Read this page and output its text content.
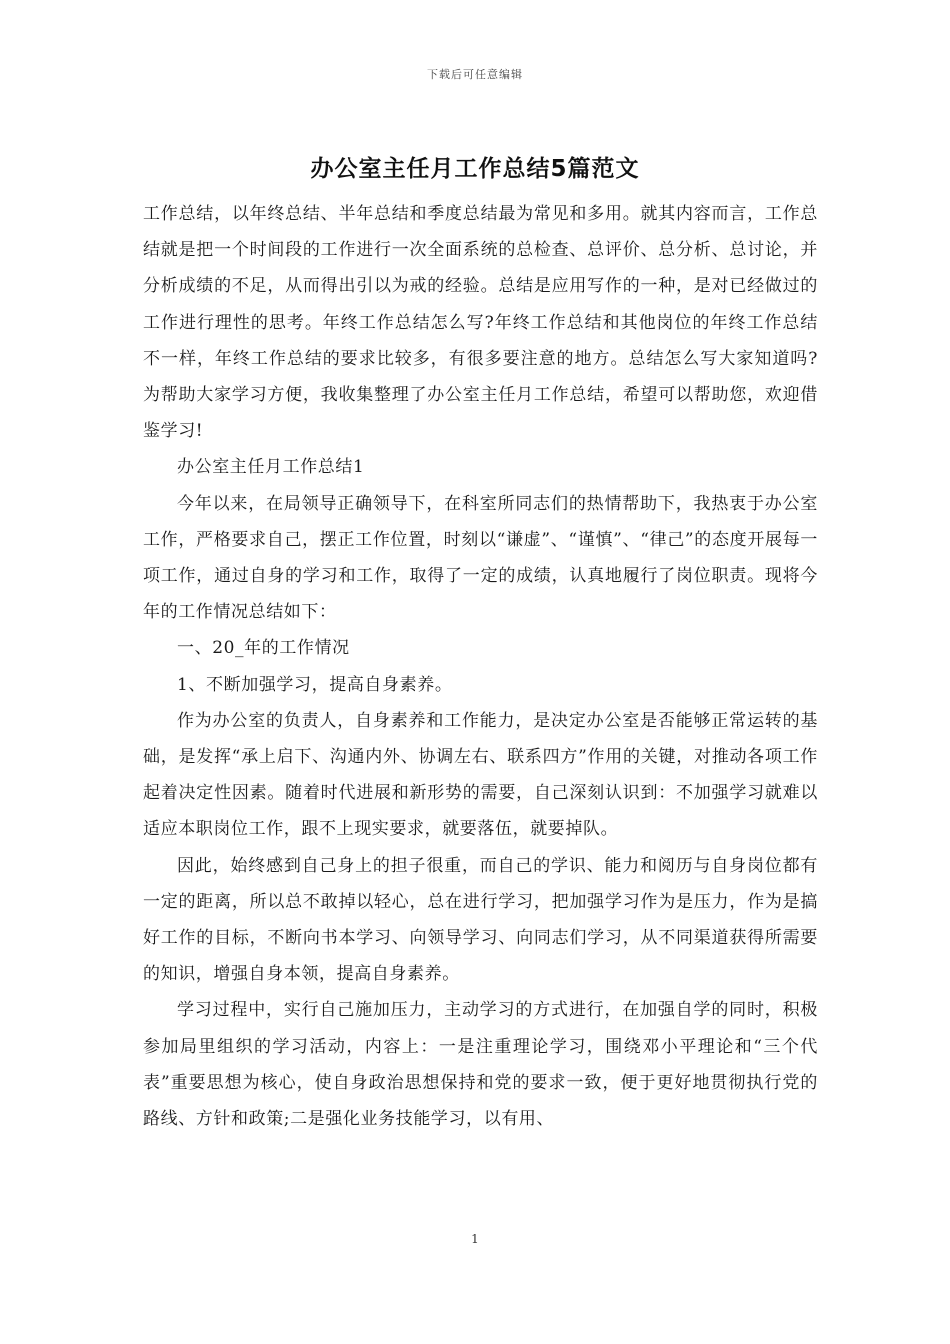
下载后可任意编辑
办公室主任月工作总结5篇范文

工作总结，以年终总结、半年总结和季度总结最为常见和多用。就其内容而言，工作总结就是把一个时间段的工作进行一次全面系统的总检查、总评价、总分析、总讨论，并分析成绩的不足，从而得出引以为戒的经验。总结是应用写作的一种，是对已经做过的工作进行理性的思考。年终工作总结怎么写?年终工作总结和其他岗位的年终工作总结不一样，年终工作总结的要求比较多，有很多要注意的地方。总结怎么写大家知道吗?为帮助大家学习方便，我收集整理了办公室主任月工作总结，希望可以帮助您，欢迎借鉴学习!

办公室主任月工作总结1

今年以来，在局领导正确领导下，在科室所同志们的热情帮助下，我热衷于办公室工作，严格要求自己，摆正工作位置，时刻以“谦虚”、“谨慎”、“律己”的态度开展每一项工作，通过自身的学习和工作，取得了一定的成绩，认真地履行了岗位职责。现将今年的工作情况总结如下：

一、20_年的工作情况

1、不断加强学习，提高自身素养。

作为办公室的负责人，自身素养和工作能力，是决定办公室是否能够正常运转的基础，是发挥“承上启下、沟通内外、协调左右、联系四方”作用的关键，对推动各项工作起着决定性因素。随着时代进展和新形势的需要，自己深刻认识到：不加强学习就难以适应本职岗位工作，跟不上现实要求，就要落伍，就要掉队。

因此，始终感到自己身上的担子很重，而自己的学识、能力和阅历与自身岗位都有一定的距离，所以总不敢掉以轻心，总在进行学习，把加强学习作为是压力，作为是搞好工作的目标，不断向书本学习、向领导学习、向同志们学习，从不同渠道获得所需要的知识，增强自身本领，提高自身素养。

学习过程中，实行自己施加压力，主动学习的方式进行，在加强自学的同时，积极参加局里组织的学习活动，内容上：一是注重理论学习，围绕邓小平理论和“三个代表”重要思想为核心，使自身政治思想保持和党的要求一致，便于更好地贯彻执行党的路线、方针和政策;二是强化业务技能学习，以有用、

1
